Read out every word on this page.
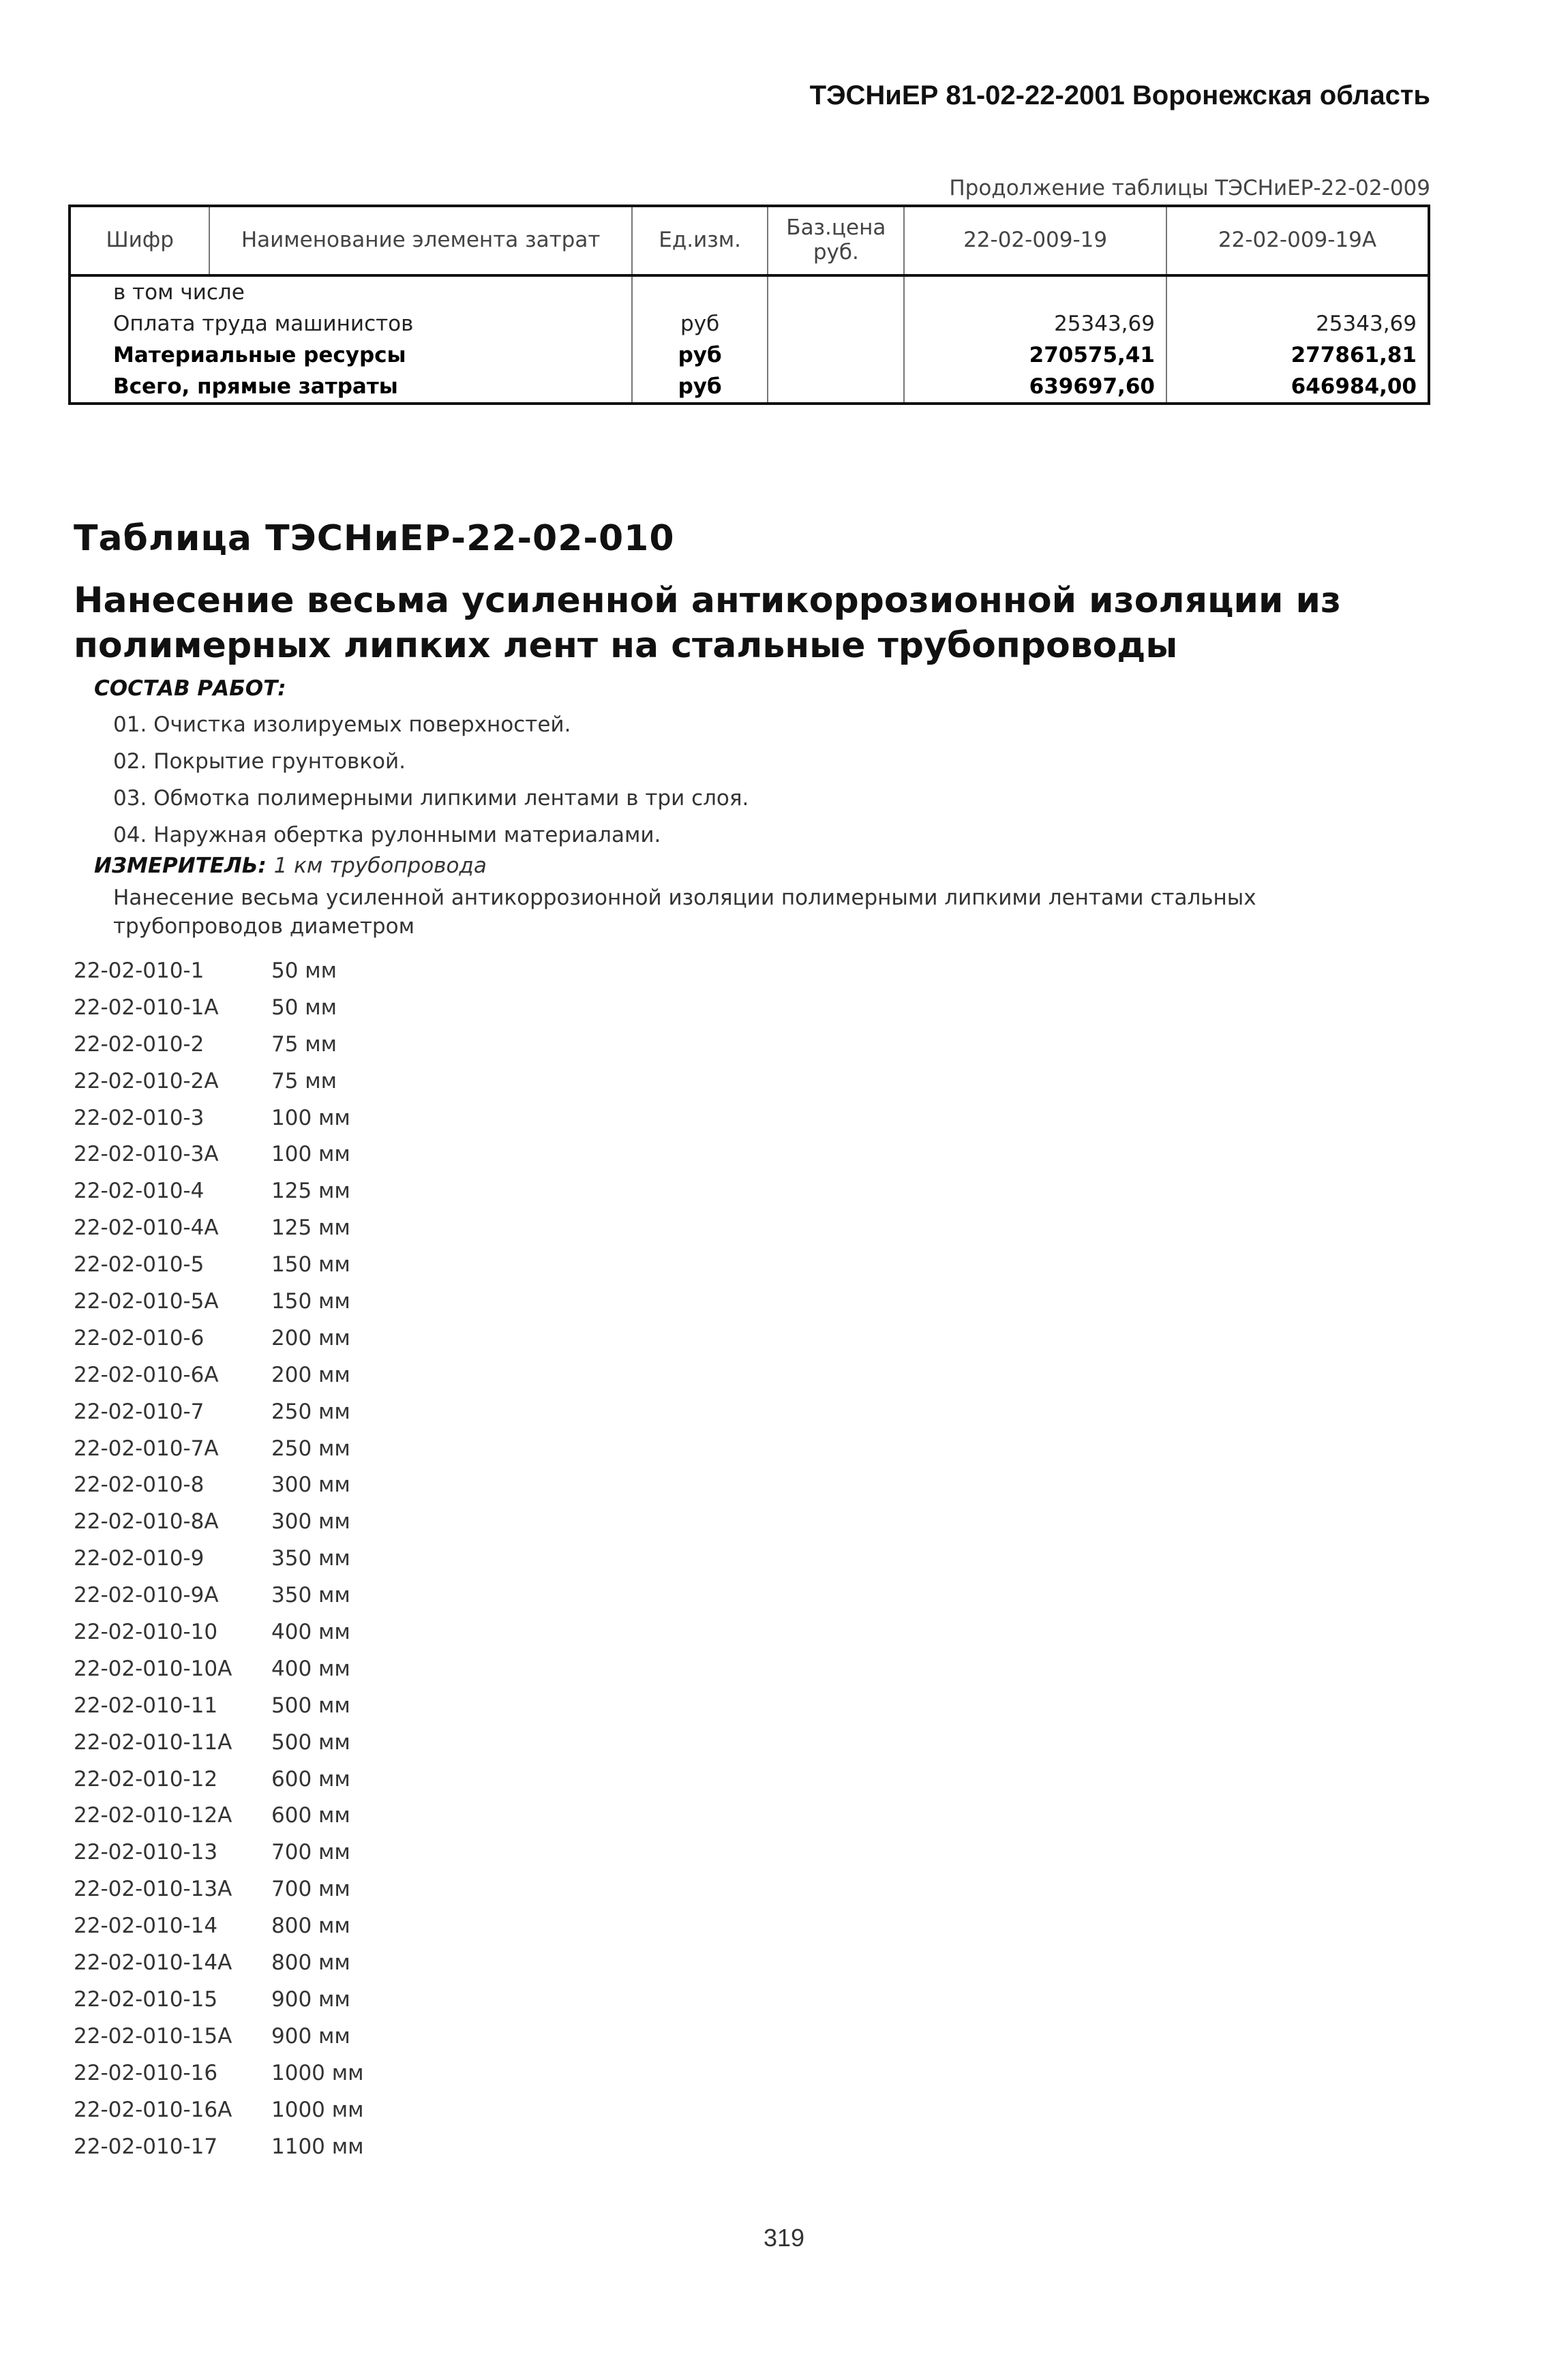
ТЭСНиЕР 81-02-22-2001 Воронежская область
Продолжение таблицы ТЭСНиЕР-22-02-009
Шифр	Наименование элемента затрат	Ед.изм.	Баз.цена руб.	22-02-009-19	22-02-009-19А
в том числе					
Оплата труда машинистов		руб		25343,69	25343,69
Материальные ресурсы		руб		270575,41	277861,81
Всего, прямые затраты		руб		639697,60	646984,00
Таблица ТЭСНиЕР-22-02-010
Нанесение весьма усиленной антикоррозионной изоляции из полимерных липких лент на стальные трубопроводы
СОСТАВ РАБОТ:
01. Очистка изолируемых поверхностей.
02. Покрытие грунтовкой.
03. Обмотка полимерными липкими лентами в три слоя.
04. Наружная обертка рулонными материалами.
ИЗМЕРИТЕЛЬ: 1 км трубопровода
Нанесение весьма усиленной антикоррозионной изоляции полимерными липкими лентами стальных трубопроводов диаметром
22-02-010-1	50 мм
22-02-010-1А 50 мм
22-02-010-2	75 мм
22-02-010-2А 75 мм
22-02-010-3	100 мм
22-02-010-3А 100 мм
22-02-010-4	125 мм
22-02-010-4А 125 мм
22-02-010-5	150 мм
22-02-010-5А 150 мм
22-02-010-6	200 мм
22-02-010-6А 200 мм
22-02-010-7	250 мм
22-02-010-7А 250 мм
22-02-010-8	300 мм
22-02-010-8А 300 мм
22-02-010-9	350 мм
22-02-010-9А 350 мм
22-02-010-10	400 мм
22-02-010-10А 400 мм
22-02-010-11	500 мм
22-02-010-11А 500 мм
22-02-010-12	600 мм
22-02-010-12А 600 мм
22-02-010-13	700 мм
22-02-010-13А 700 мм
22-02-010-14	800 мм
22-02-010-14А 800 мм
22-02-010-15	900 мм
22-02-010-15А 900 мм
22-02-010-16	1000 мм
22-02-010-16А 1000 мм
22-02-010-17	1100 мм
319
